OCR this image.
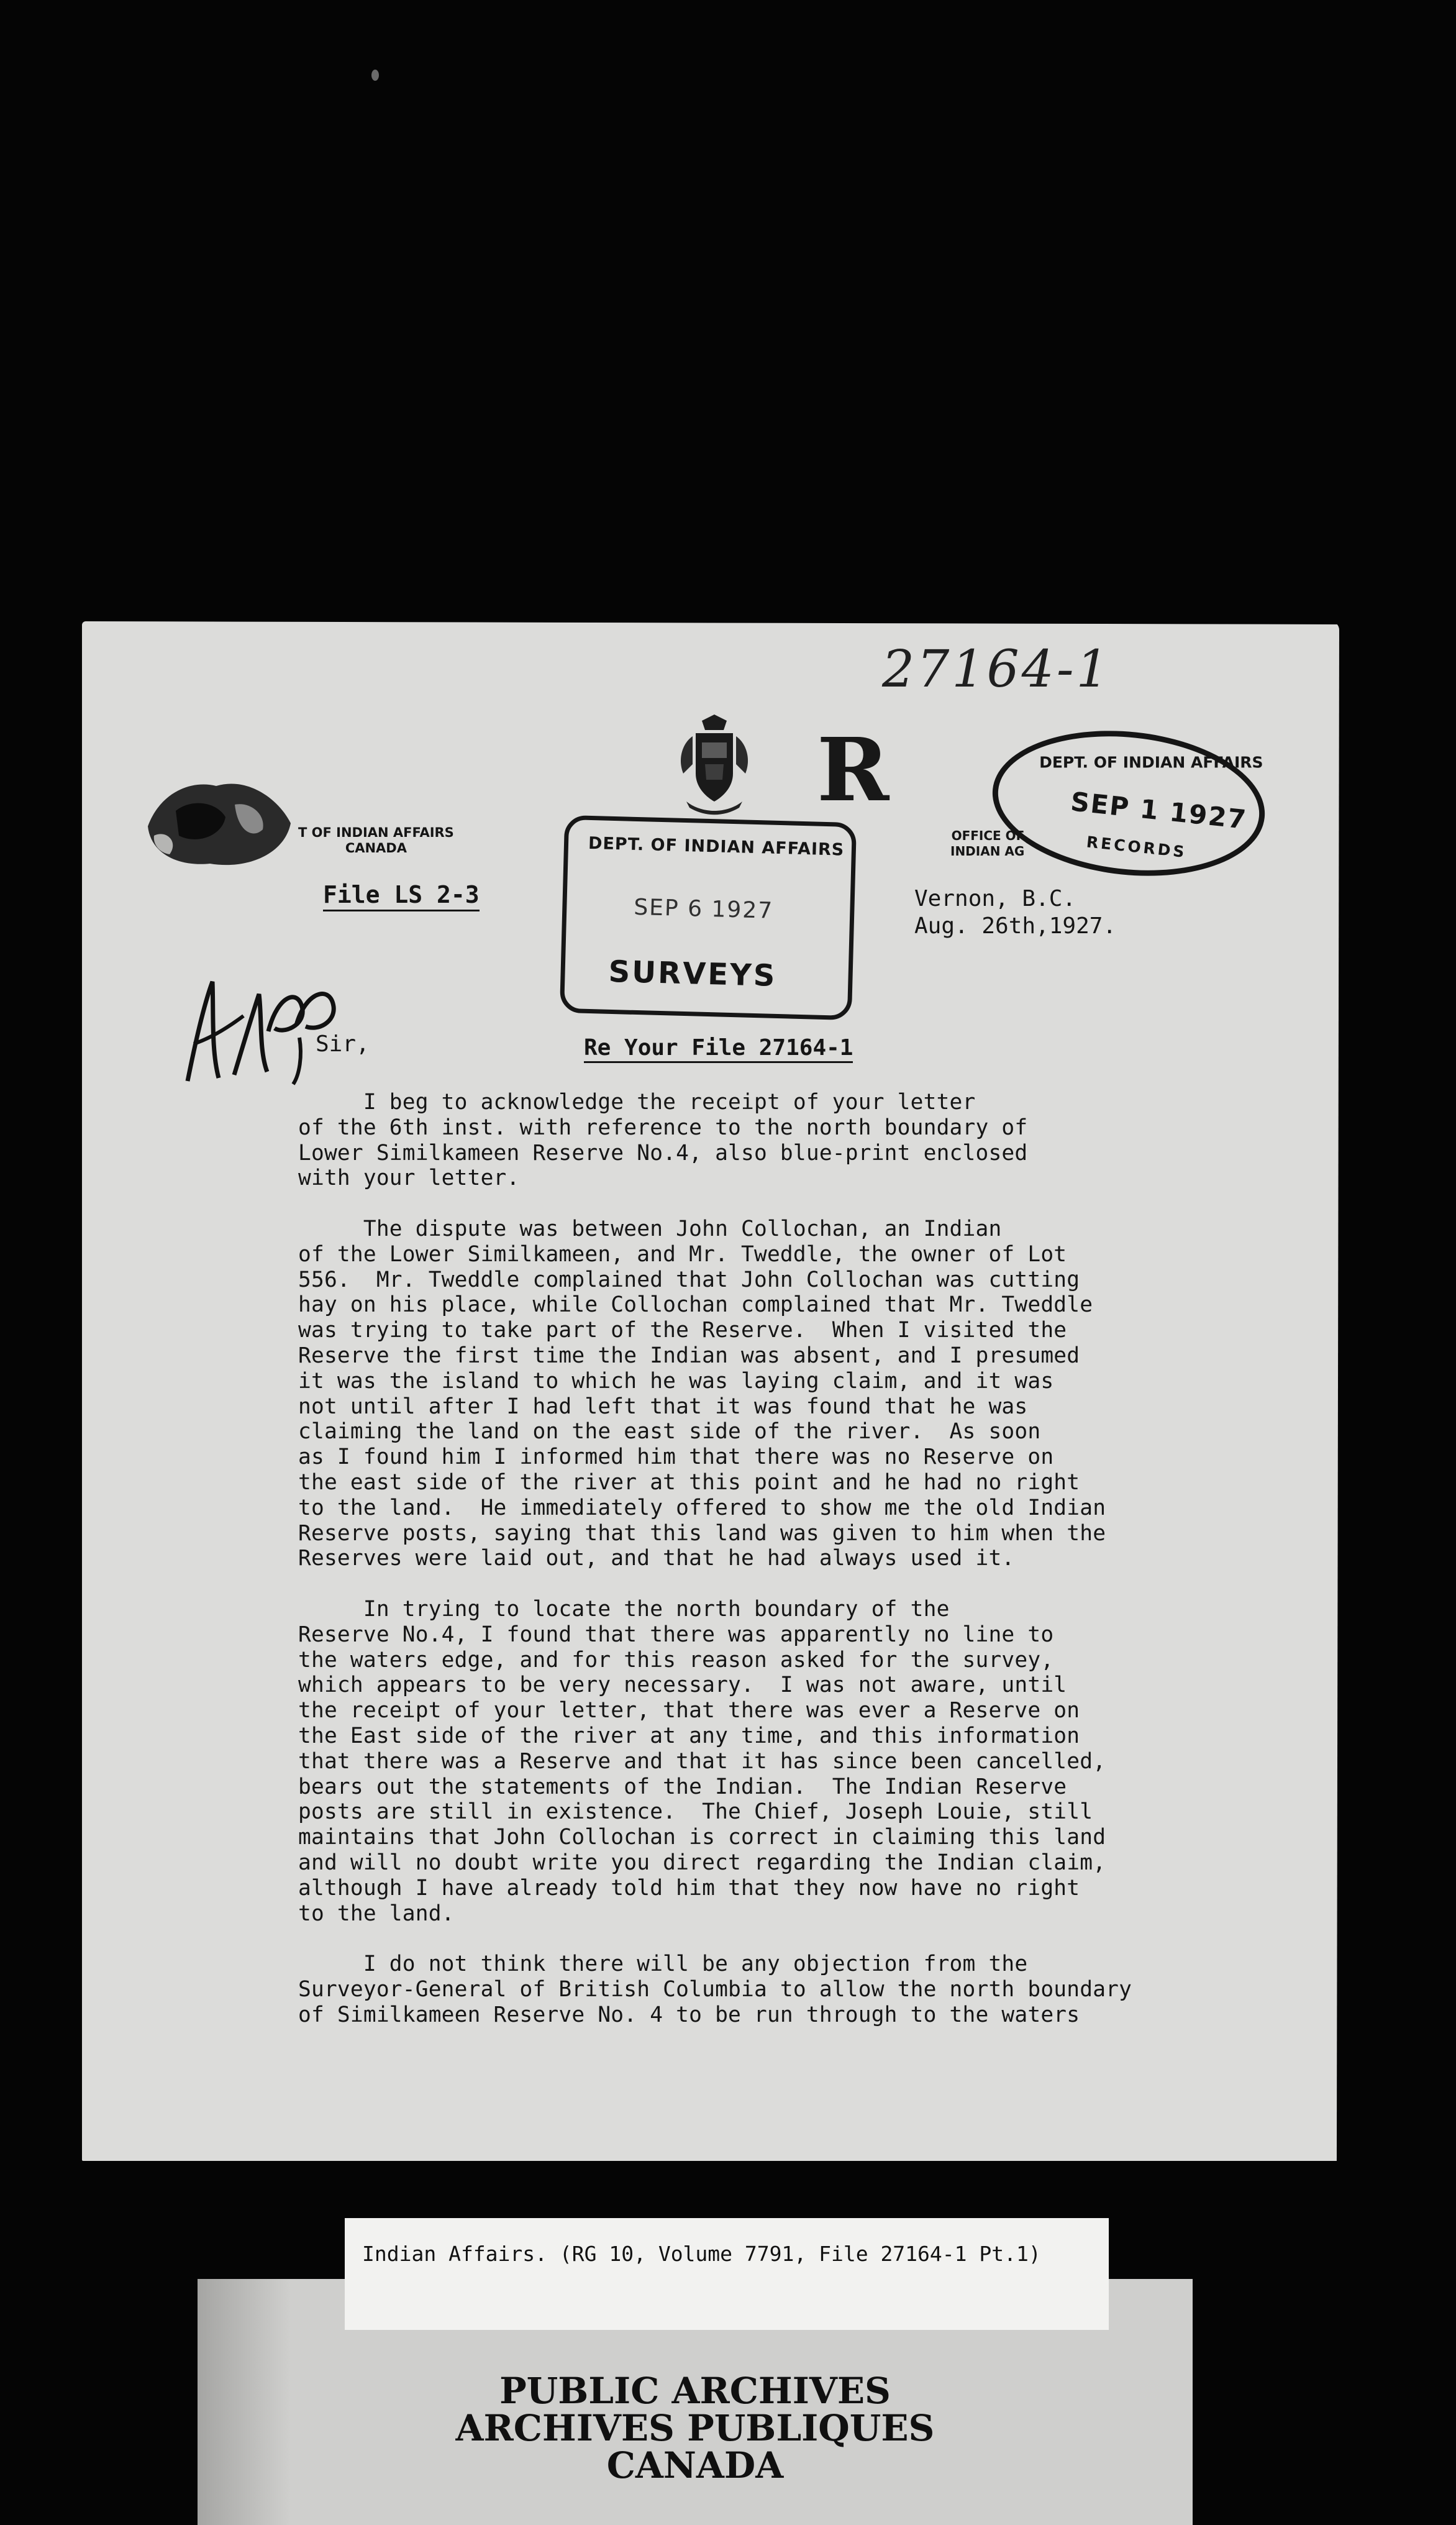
27164-1
R
T OF INDIAN AFFAIRS
CANADA
OFFICE OF
INDIAN AG
DEPT. OF INDIAN AFFAIRS
SEP 6 1927
SURVEYS
DEPT. OF INDIAN AFFAIRS
SEP 1 1927
RECORDS
File LS 2-3	Vernon, B.C.
Aug. 26th,1927.
Sir,	Re Your File 27164-1
I beg to acknowledge the receipt of your letter
of the 6th inst. with reference to the north boundary of
Lower Similkameen Reserve No.4, also blue-print enclosed
with your letter.

The dispute was between John Collochan, an Indian
of the Lower Similkameen, and Mr. Tweddle, the owner of Lot
556.  Mr. Tweddle complained that John Collochan was cutting
hay on his place, while Collochan complained that Mr. Tweddle
was trying to take part of the Reserve.  When I visited the
Reserve the first time the Indian was absent, and I presumed
it was the island to which he was laying claim, and it was
not until after I had left that it was found that he was
claiming the land on the east side of the river.  As soon
as I found him I informed him that there was no Reserve on
the east side of the river at this point and he had no right
to the land.  He immediately offered to show me the old Indian
Reserve posts, saying that this land was given to him when the
Reserves were laid out, and that he had always used it.

In trying to locate the north boundary of the
Reserve No.4, I found that there was apparently no line to
the waters edge, and for this reason asked for the survey,
which appears to be very necessary.  I was not aware, until
the receipt of your letter, that there was ever a Reserve on
the East side of the river at any time, and this information
that there was a Reserve and that it has since been cancelled,
bears out the statements of the Indian.  The Indian Reserve
posts are still in existence.  The Chief, Joseph Louie, still
maintains that John Collochan is correct in claiming this land
and will no doubt write you direct regarding the Indian claim,
although I have already told him that they now have no right
to the land.

I do not think there will be any objection from the
Surveyor-General of British Columbia to allow the north boundary
of Similkameen Reserve No. 4 to be run through to the waters
PUBLIC ARCHIVES
ARCHIVES PUBLIQUES
CANADA
Indian Affairs. (RG 10, Volume 7791, File 27164-1 Pt.1)
